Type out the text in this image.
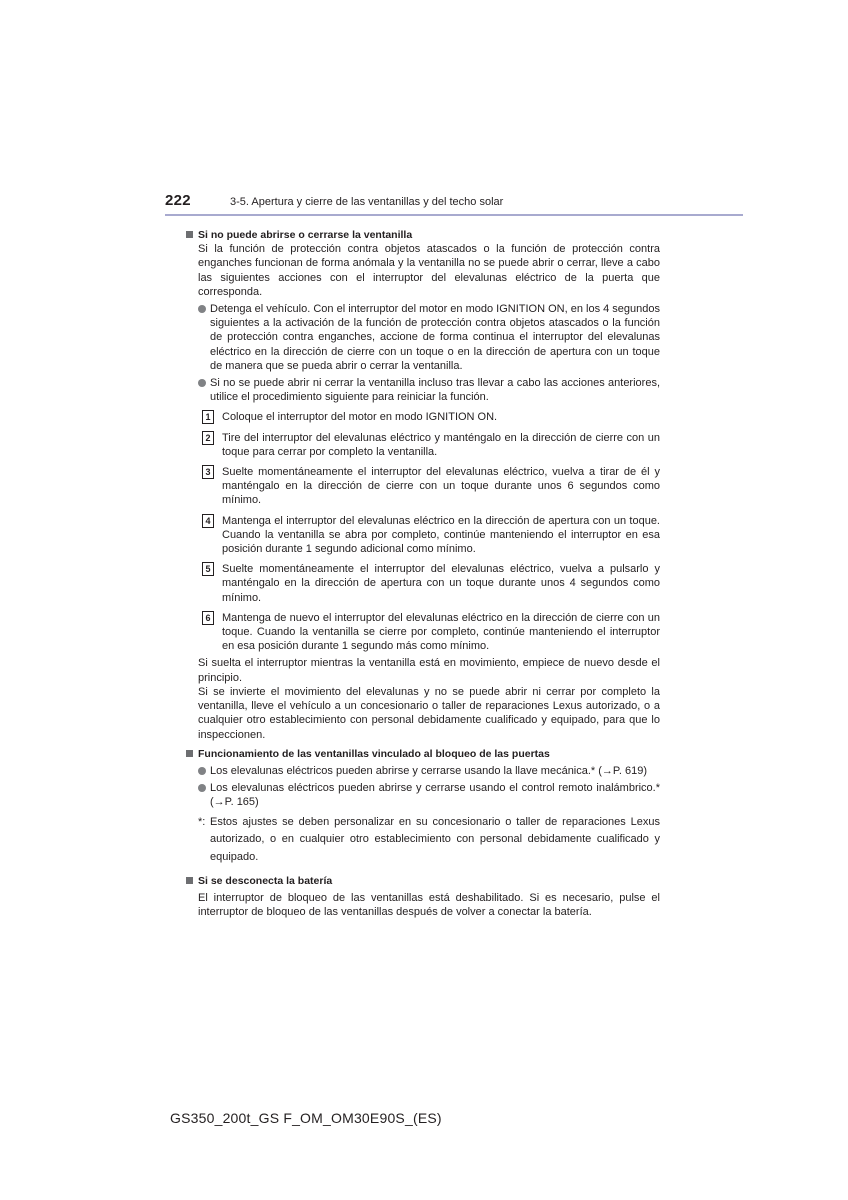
222	3-5. Apertura y cierre de las ventanillas y del techo solar
Si no puede abrirse o cerrarse la ventanilla
Si la función de protección contra objetos atascados o la función de protección contra enganches funcionan de forma anómala y la ventanilla no se puede abrir o cerrar, lleve a cabo las siguientes acciones con el interruptor del elevalunas eléctrico de la puerta que corresponda.
Detenga el vehículo. Con el interruptor del motor en modo IGNITION ON, en los 4 segundos siguientes a la activación de la función de protección contra objetos atascados o la función de protección contra enganches, accione de forma continua el interruptor del elevalunas eléctrico en la dirección de cierre con un toque o en la dirección de apertura con un toque de manera que se pueda abrir o cerrar la ventanilla.
Si no se puede abrir ni cerrar la ventanilla incluso tras llevar a cabo las acciones anteriores, utilice el procedimiento siguiente para reiniciar la función.
1	Coloque el interruptor del motor en modo IGNITION ON.
2	Tire del interruptor del elevalunas eléctrico y manténgalo en la dirección de cierre con un toque para cerrar por completo la ventanilla.
3	Suelte momentáneamente el interruptor del elevalunas eléctrico, vuelva a tirar de él y manténgalo en la dirección de cierre con un toque durante unos 6 segundos como mínimo.
4	Mantenga el interruptor del elevalunas eléctrico en la dirección de apertura con un toque. Cuando la ventanilla se abra por completo, continúe manteniendo el interruptor en esa posición durante 1 segundo adicional como mínimo.
5	Suelte momentáneamente el interruptor del elevalunas eléctrico, vuelva a pulsarlo y manténgalo en la dirección de apertura con un toque durante unos 4 segundos como mínimo.
6	Mantenga de nuevo el interruptor del elevalunas eléctrico en la dirección de cierre con un toque. Cuando la ventanilla se cierre por completo, continúe manteniendo el interruptor en esa posición durante 1 segundo más como mínimo.
Si suelta el interruptor mientras la ventanilla está en movimiento, empiece de nuevo desde el principio.
Si se invierte el movimiento del elevalunas y no se puede abrir ni cerrar por completo la ventanilla, lleve el vehículo a un concesionario o taller de reparaciones Lexus autorizado, o a cualquier otro establecimiento con personal debidamente cualificado y equipado, para que lo inspeccionen.
Funcionamiento de las ventanillas vinculado al bloqueo de las puertas
Los elevalunas eléctricos pueden abrirse y cerrarse usando la llave mecánica.* (→P. 619)
Los elevalunas eléctricos pueden abrirse y cerrarse usando el control remoto inalámbrico.* (→P. 165)
*: Estos ajustes se deben personalizar en su concesionario o taller de reparaciones Lexus autorizado, o en cualquier otro establecimiento con personal debidamente cualificado y equipado.
Si se desconecta la batería
El interruptor de bloqueo de las ventanillas está deshabilitado. Si es necesario, pulse el interruptor de bloqueo de las ventanillas después de volver a conectar la batería.
GS350_200t_GS F_OM_OM30E90S_(ES)
